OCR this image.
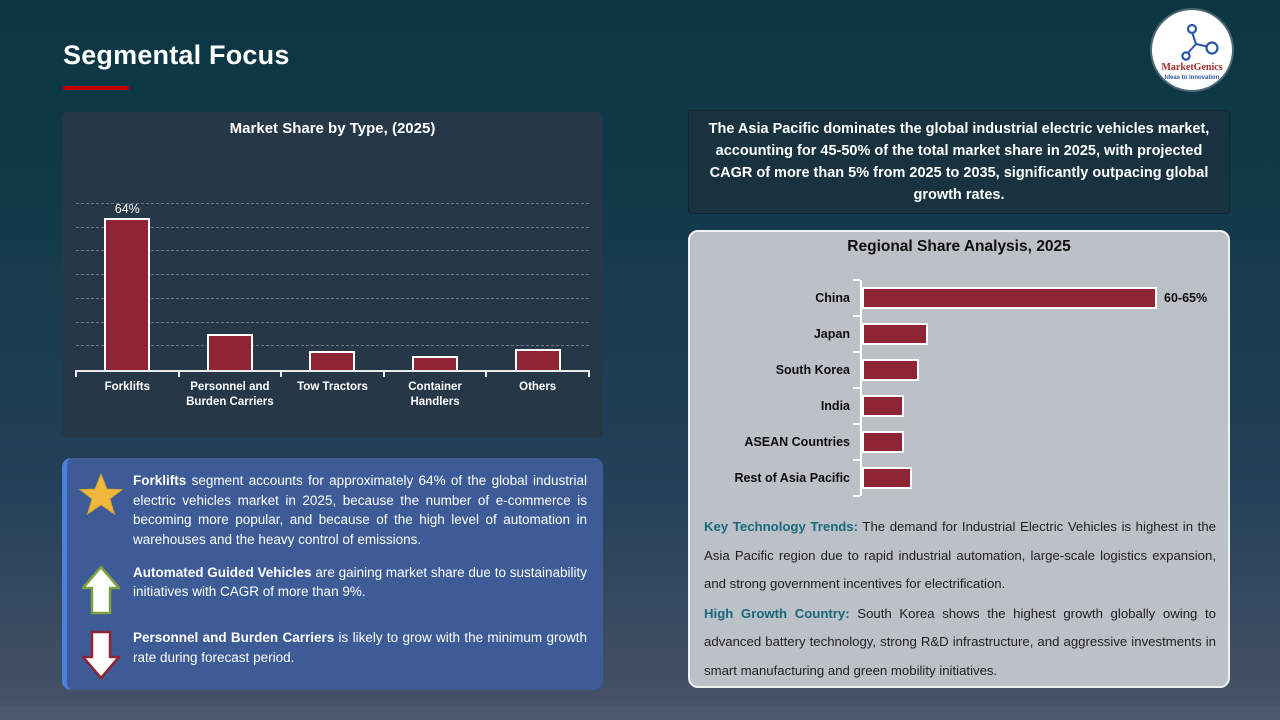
Segmental Focus	MarketGenics
Ideas to Innovation
Market Share by Type, (2025)
64%
Forklifts	Personnel and Burden Carriers
Tow Tractors	Container Handlers
Others
Forklifts segment accounts for approximately 64% of the global industrial electric vehicles market in 2025, because the number of e-commerce is becoming more popular, and because of the high level of automation in warehouses and the heavy control of emissions.
Automated Guided Vehicles are gaining market share due to sustainability initiatives with CAGR of more than 9%.
Personnel and Burden Carriers is likely to grow with the minimum growth rate during forecast period.
The Asia Pacific dominates the global industrial electric vehicles market, accounting for 45-50% of the total market share in 2025, with projected CAGR of more than 5% from 2025 to 2035, significantly outpacing global growth rates.
Regional Share Analysis, 2025
China	60-65%
Japan
South Korea
India
ASEAN Countries
Rest of Asia Pacific

Key Technology Trends: The demand for Industrial Electric Vehicles is highest in the Asia Pacific region due to rapid industrial automation, large-scale logistics expansion, and strong government incentives for electrification.

High Growth Country: South Korea shows the highest growth globally owing to advanced battery technology, strong R&D infrastructure, and aggressive investments in smart manufacturing and green mobility initiatives.
